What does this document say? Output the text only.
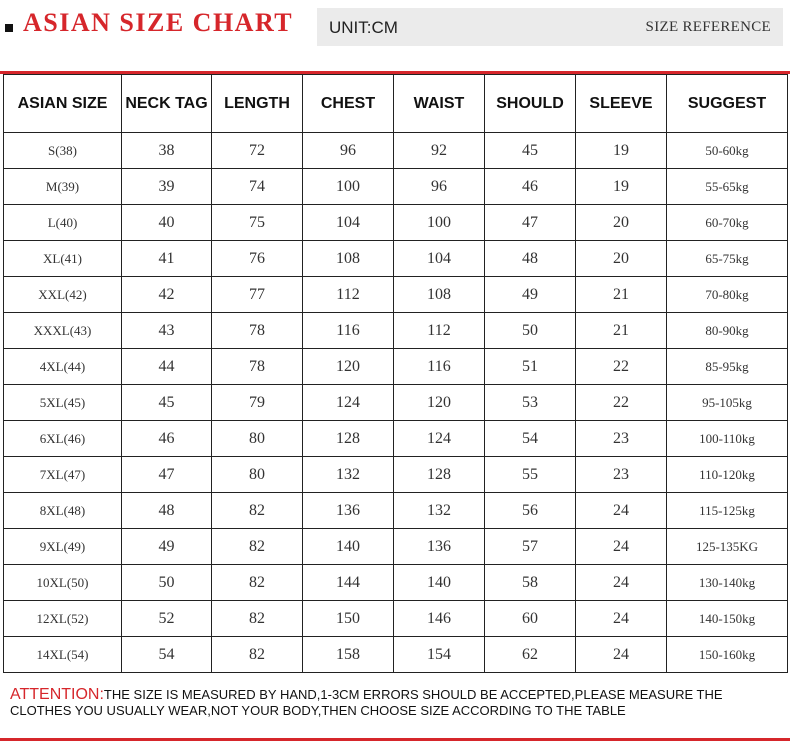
ASIAN SIZE CHART UNIT:CM	SIZE REFERENCE
ASIAN SIZE	NECK TAG	LENGTH	CHEST	WAIST	SHOULD	SLEEVE	SUGGEST
S(38)	38	72	96	92	45	19	50-60kg
M(39)	39	74	100	96	46	19	55-65kg
L(40)	40	75	104	100	47	20	60-70kg
XL(41)	41	76	108	104	48	20	65-75kg
XXL(42)	42	77	112	108	49	21	70-80kg
XXXL(43)	43	78	116	112	50	21	80-90kg
4XL(44)	44	78	120	116	51	22	85-95kg
5XL(45)	45	79	124	120	53	22	95-105kg
6XL(46)	46	80	128	124	54	23	100-110kg
7XL(47)	47	80	132	128	55	23	110-120kg
8XL(48)	48	82	136	132	56	24	115-125kg
9XL(49)	49	82	140	136	57	24	125-135KG
10XL(50)	50	82	144	140	58	24	130-140kg
12XL(52)	52	82	150	146	60	24	140-150kg
14XL(54)	54	82	158	154	62	24	150-160kg
ATTENTION:THE SIZE IS MEASURED BY HAND,1-3CM ERRORS SHOULD BE ACCEPTED,PLEASE MEASURE THE CLOTHES YOU USUALLY WEAR,NOT YOUR BODY,THEN CHOOSE SIZE ACCORDING TO THE TABLE
